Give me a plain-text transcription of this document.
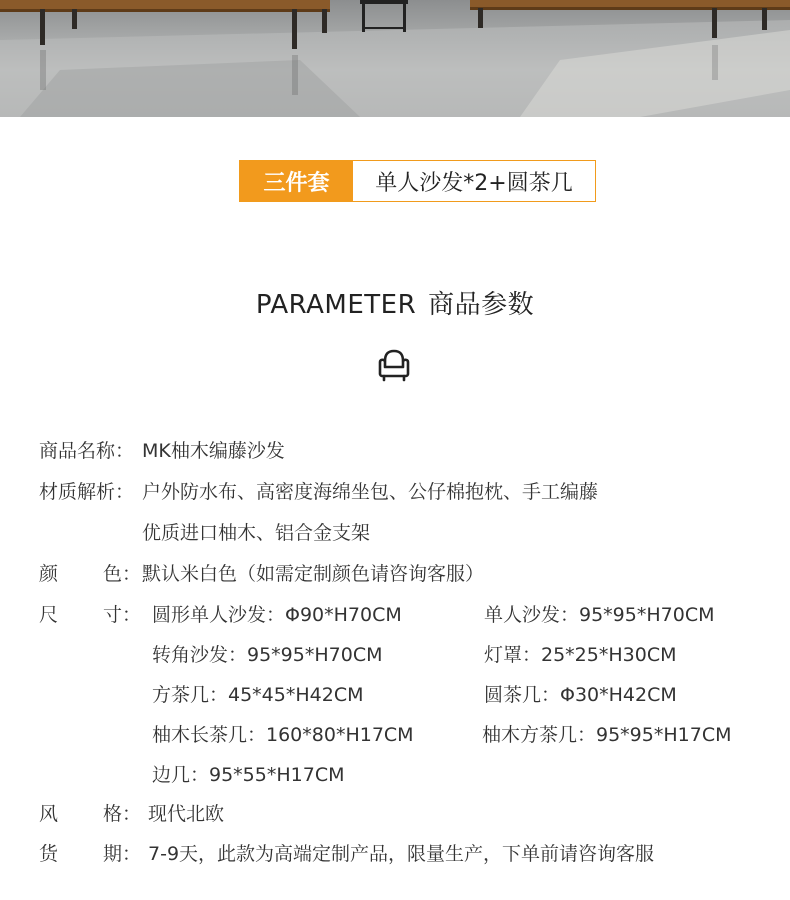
三件套	单人沙发*2+圆茶几
PARAMETER 商品参数
商品名称： MK柚木编藤沙发
材质解析： 户外防水布、高密度海绵坐包、公仔棉抱枕、手工编藤
优质进口柚木、铝合金支架
颜 色： 默认米白色（如需定制颜色请咨询客服）
尺 寸： 圆形单人沙发：Φ90*H70CM	单人沙发：95*95*H70CM
转角沙发：95*95*H70CM	灯罩：25*25*H30CM
方茶几：45*45*H42CM	圆茶几：Φ30*H42CM
柚木长茶几：160*80*H17CM	柚木方茶几：95*95*H17CM
边几：95*55*H17CM
风 格： 现代北欧
货 期： 7-9天，此款为高端定制产品，限量生产，下单前请咨询客服
